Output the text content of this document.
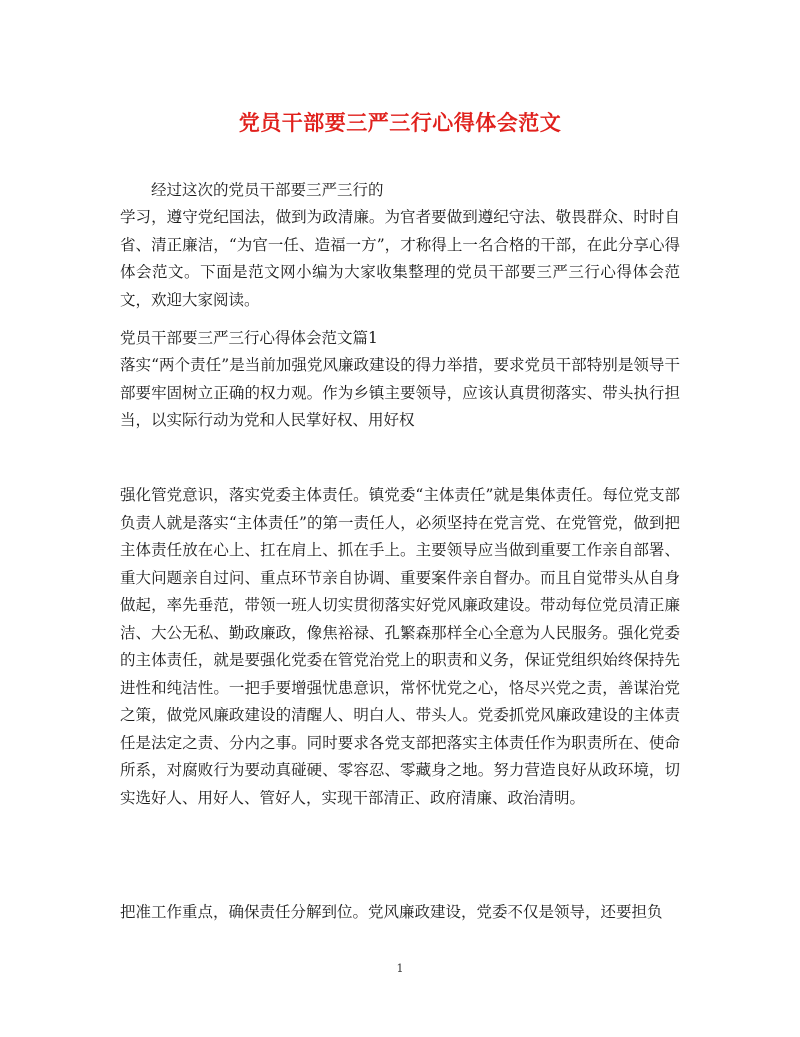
党员干部要三严三行心得体会范文

经过这次的党员干部要三严三行的

学习，遵守党纪国法，做到为政清廉。为官者要做到遵纪守法、敬畏群众、时时自省、清正廉洁，“为官一任、造福一方”，才称得上一名合格的干部，在此分享心得体会范文。下面是范文网小编为大家收集整理的党员干部要三严三行心得体会范文，欢迎大家阅读。

党员干部要三严三行心得体会范文篇1

落实“两个责任”是当前加强党风廉政建设的得力举措，要求党员干部特别是领导干部要牢固树立正确的权力观。作为乡镇主要领导，应该认真贯彻落实、带头执行担当，以实际行动为党和人民掌好权、用好权

强化管党意识，落实党委主体责任。镇党委“主体责任”就是集体责任。每位党支部负责人就是落实“主体责任”的第一责任人，必须坚持在党言党、在党管党，做到把主体责任放在心上、扛在肩上、抓在手上。主要领导应当做到重要工作亲自部署、重大问题亲自过问、重点环节亲自协调、重要案件亲自督办。而且自觉带头从自身做起，率先垂范，带领一班人切实贯彻落实好党风廉政建设。带动每位党员清正廉洁、大公无私、勤政廉政，像焦裕禄、孔繁森那样全心全意为人民服务。强化党委的主体责任，就是要强化党委在管党治党上的职责和义务，保证党组织始终保持先进性和纯洁性。一把手要增强忧患意识，常怀忧党之心，恪尽兴党之责，善谋治党之策，做党风廉政建设的清醒人、明白人、带头人。党委抓党风廉政建设的主体责任是法定之责、分内之事。同时要求各党支部把落实主体责任作为职责所在、使命所系，对腐败行为要动真碰硬、零容忍、零藏身之地。努力营造良好从政环境，切实选好人、用好人、管好人，实现干部清正、政府清廉、政治清明。

把准工作重点，确保责任分解到位。党风廉政建设，党委不仅是领导，还要担负

1
